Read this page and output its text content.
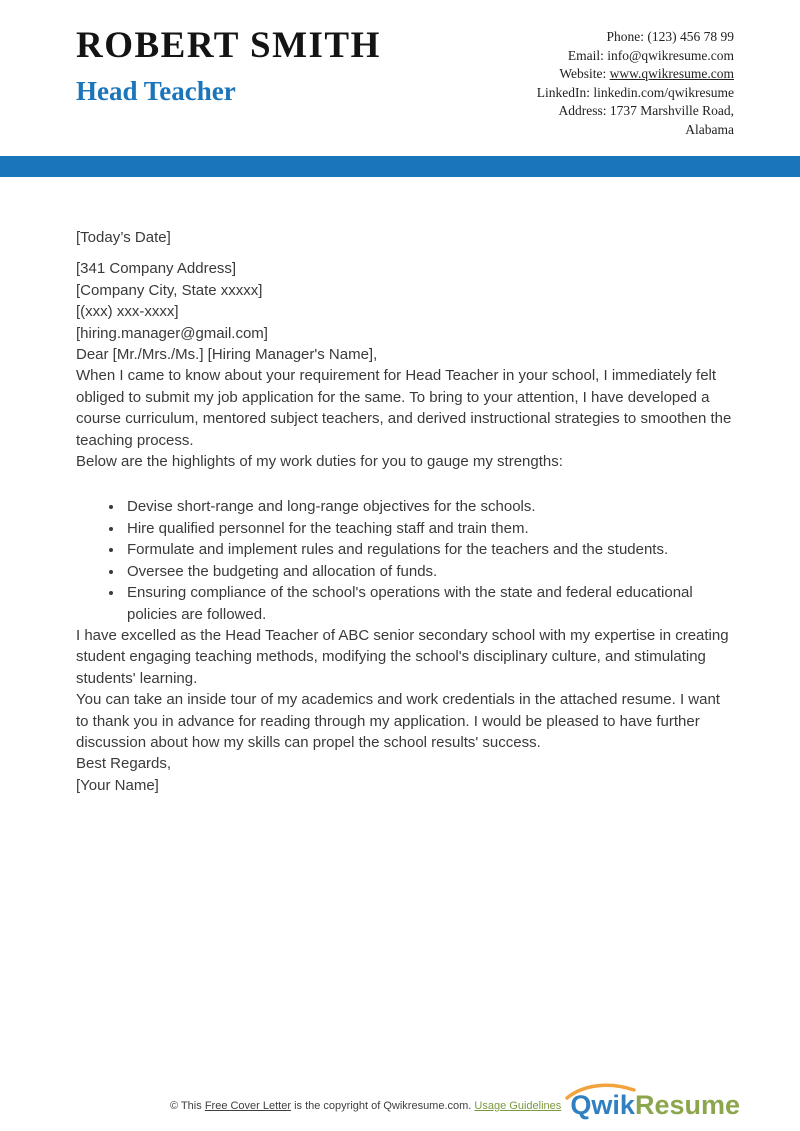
ROBERT SMITH
Head Teacher
Phone: (123) 456 78 99
Email: info@qwikresume.com
Website: www.qwikresume.com
LinkedIn: linkedin.com/qwikresume
Address: 1737 Marshville Road,
Alabama

[Today’s Date]

[341 Company Address]
[Company City, State xxxxx]
[(xxx) xxx-xxxx]
[hiring.manager@gmail.com]

Dear [Mr./Mrs./Ms.] [Hiring Manager's Name],

When I came to know about your requirement for Head Teacher in your school, I immediately felt obliged to submit my job application for the same. To bring to your attention, I have developed a course curriculum, mentored subject teachers, and derived instructional strategies to smoothen the teaching process.

Below are the highlights of my work duties for you to gauge my strengths:

• Devise short-range and long-range objectives for the schools.
• Hire qualified personnel for the teaching staff and train them.
• Formulate and implement rules and regulations for the teachers and the students.
• Oversee the budgeting and allocation of funds.
• Ensuring compliance of the school's operations with the state and federal educational policies are followed.

I have excelled as the Head Teacher of ABC senior secondary school with my expertise in creating student engaging teaching methods, modifying the school's disciplinary culture, and stimulating students' learning.

You can take an inside tour of my academics and work credentials in the attached resume. I want to thank you in advance for reading through my application. I would be pleased to have further discussion about how my skills can propel the school results' success.

Best Regards,

[Your Name]

© This Free Cover Letter is the copyright of Qwikresume.com. Usage Guidelines QwikResume
